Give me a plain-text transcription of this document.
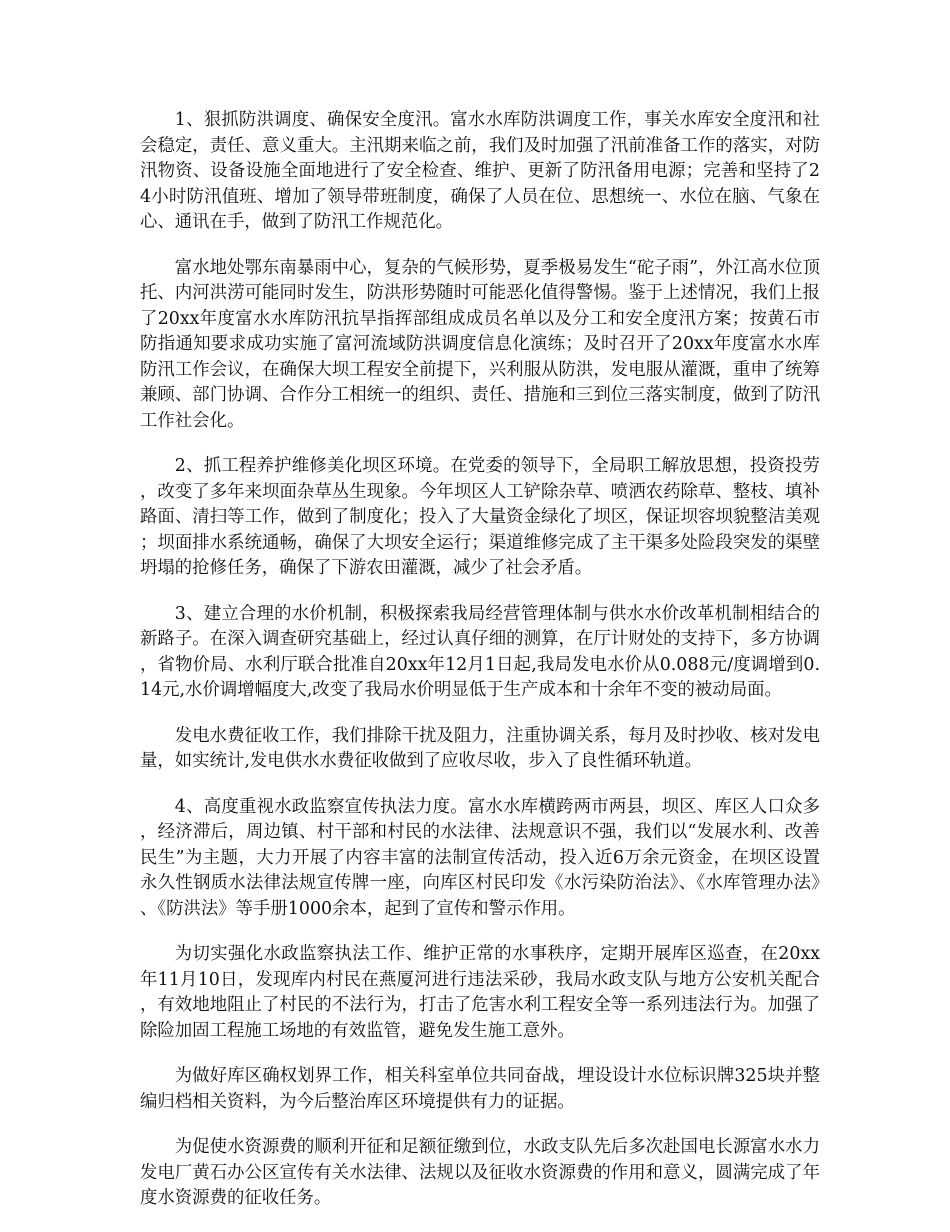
1、狠抓防洪调度、确保安全度汛。富水水库防洪调度工作，事关水库安全度汛和社会稳定，责任、意义重大。主汛期来临之前，我们及时加强了汛前准备工作的落实，对防汛物资、设备设施全面地进行了安全检查、维护、更新了防汛备用电源；完善和坚持了24小时防汛值班、增加了领导带班制度，确保了人员在位、思想统一、水位在脑、气象在心、通讯在手，做到了防汛工作规范化。

富水地处鄂东南暴雨中心，复杂的气候形势，夏季极易发生“砣子雨”，外江高水位顶托、内河洪涝可能同时发生，防洪形势随时可能恶化值得警惕。鉴于上述情况，我们上报了20xx年度富水水库防汛抗旱指挥部组成成员名单以及分工和安全度汛方案；按黄石市防指通知要求成功实施了富河流域防洪调度信息化演练；及时召开了20xx年度富水水库防汛工作会议，在确保大坝工程安全前提下，兴利服从防洪，发电服从灌溉，重申了统筹兼顾、部门协调、合作分工相统一的组织、责任、措施和三到位三落实制度，做到了防汛工作社会化。

2、抓工程养护维修美化坝区环境。在党委的领导下，全局职工解放思想，投资投劳，改变了多年来坝面杂草丛生现象。今年坝区人工铲除杂草、喷洒农药除草、整枝、填补路面、清扫等工作，做到了制度化；投入了大量资金绿化了坝区，保证坝容坝貌整洁美观；坝面排水系统通畅，确保了大坝安全运行；渠道维修完成了主干渠多处险段突发的渠壁坍塌的抢修任务，确保了下游农田灌溉，减少了社会矛盾。

3、建立合理的水价机制，积极探索我局经营管理体制与供水水价改革机制相结合的新路子。在深入调查研究基础上，经过认真仔细的测算，在厅计财处的支持下，多方协调，省物价局、水利厅联合批准自20xx年12月1日起,我局发电水价从0.088元/度调增到0.14元,水价调增幅度大,改变了我局水价明显低于生产成本和十余年不变的被动局面。

发电水费征收工作，我们排除干扰及阻力，注重协调关系，每月及时抄收、核对发电量，如实统计,发电供水水费征收做到了应收尽收，步入了良性循环轨道。

4、高度重视水政监察宣传执法力度。富水水库横跨两市两县，坝区、库区人口众多，经济滞后，周边镇、村干部和村民的水法律、法规意识不强，我们以“发展水利、改善民生”为主题，大力开展了内容丰富的法制宣传活动，投入近6万余元资金，在坝区设置永久性钢质水法律法规宣传牌一座，向库区村民印发《水污染防治法》、《水库管理办法》、《防洪法》等手册1000余本，起到了宣传和警示作用。

为切实强化水政监察执法工作、维护正常的水事秩序，定期开展库区巡查，在20xx年11月10日，发现库内村民在燕厦河进行违法采砂，我局水政支队与地方公安机关配合，有效地地阻止了村民的不法行为，打击了危害水利工程安全等一系列违法行为。加强了除险加固工程施工场地的有效监管，避免发生施工意外。

为做好库区确权划界工作，相关科室单位共同奋战，埋设设计水位标识牌325块并整编归档相关资料，为今后整治库区环境提供有力的证据。

为促使水资源费的顺利开征和足额征缴到位，水政支队先后多次赴国电长源富水水力发电厂黄石办公区宣传有关水法律、法规以及征收水资源费的作用和意义，圆满完成了年度水资源费的征收任务。
